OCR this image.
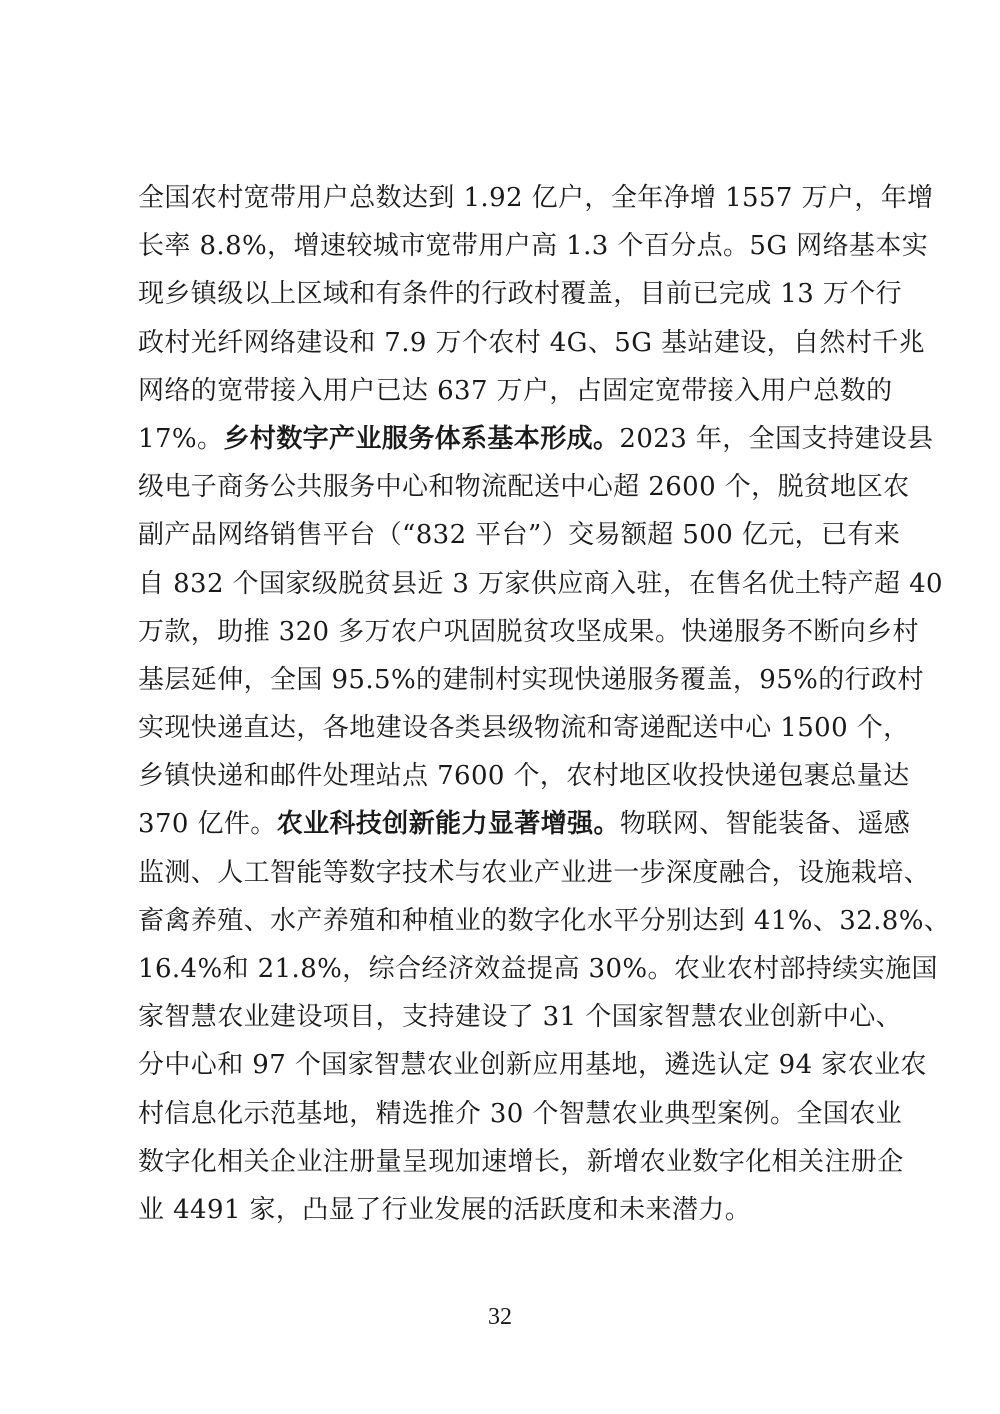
全国农村宽带用户总数达到 1.92 亿户，全年净增 1557 万户，年增
长率 8.8%，增速较城市宽带用户高 1.3 个百分点。5G 网络基本实
现乡镇级以上区域和有条件的行政村覆盖，目前已完成 13 万个行
政村光纤网络建设和 7.9 万个农村 4G、5G 基站建设，自然村千兆
网络的宽带接入用户已达 637 万户，占固定宽带接入用户总数的
17%。乡村数字产业服务体系基本形成。2023 年，全国支持建设县
级电子商务公共服务中心和物流配送中心超 2600 个，脱贫地区农
副产品网络销售平台（“832 平台”）交易额超 500 亿元，已有来
自 832 个国家级脱贫县近 3 万家供应商入驻，在售名优土特产超 40
万款，助推 320 多万农户巩固脱贫攻坚成果。快递服务不断向乡村
基层延伸，全国 95.5%的建制村实现快递服务覆盖，95%的行政村
实现快递直达，各地建设各类县级物流和寄递配送中心 1500 个，
乡镇快递和邮件处理站点 7600 个，农村地区收投快递包裹总量达
370 亿件。农业科技创新能力显著增强。物联网、智能装备、遥感
监测、人工智能等数字技术与农业产业进一步深度融合，设施栽培、
畜禽养殖、水产养殖和种植业的数字化水平分别达到 41%、32.8%、
16.4%和 21.8%，综合经济效益提高 30%。农业农村部持续实施国
家智慧农业建设项目，支持建设了 31 个国家智慧农业创新中心、
分中心和 97 个国家智慧农业创新应用基地，遴选认定 94 家农业农
村信息化示范基地，精选推介 30 个智慧农业典型案例。全国农业
数字化相关企业注册量呈现加速增长，新增农业数字化相关注册企
业 4491 家，凸显了行业发展的活跃度和未来潜力。
32
